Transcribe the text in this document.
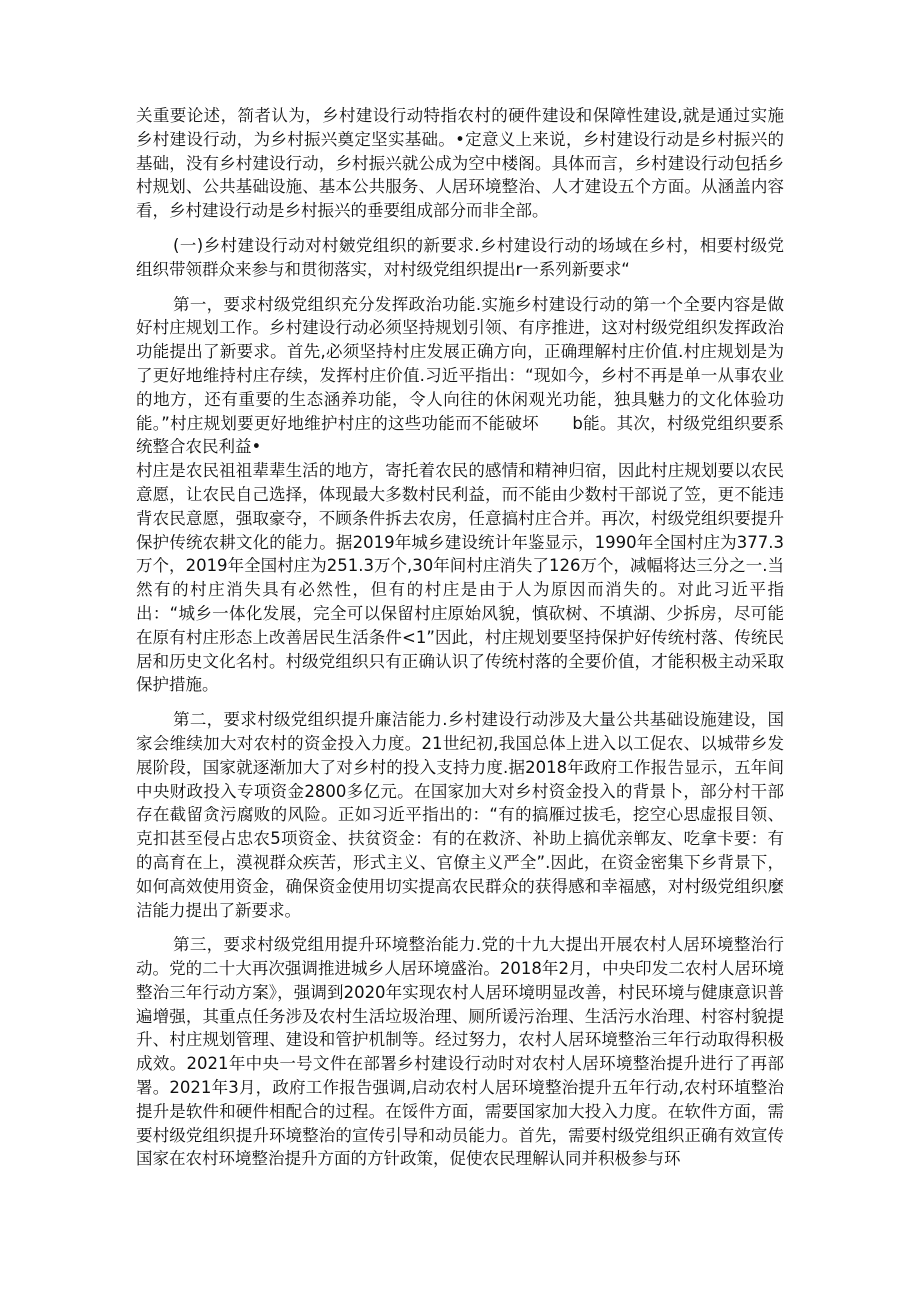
关重要论述，箚者认为，乡村建设行动特指农村的硬件建设和保障性建设,就是通过实施乡村建设行动，为乡村振兴奠定坚实基础。•定意义上来说，乡村建设行动是乡村振兴的基础，没有乡村建设行动，乡村振兴就公成为空中楼阁。具体而言，乡村建设行动包括乡村规划、公共基础设施、基本公共服务、人居环境整治、人才建设五个方面。从涵盖内容看，乡村建设行动是乡村振兴的垂要组成部分而非全部。

(一)乡村建设行动对村皴党组织的新要求.乡村建设行动的场域在乡村，相要村级党组织带领群众来参与和贯彻落实，对村级党组织提出r一系列新要求“

第一，要求村级党组织充分发挥政治功能.实施乡村建设行动的第一个全要内容是做好村庄规划工作。乡村建设行动必须坚持规划引领、有序推进，这对村级党组织发挥政治功能提出了新要求。首先,必须坚持村庄发展正确方向，正确理解村庄价值.村庄规划是为了更好地维持村庄存续，发挥村庄价值.习近平指出：“现如今，乡村不再是单一从事农业的地方，还有重要的生态涵养功能，令人向往的休闲观光功能，独具魅力的文化体验功能。”村庄规划要更好地维护村庄的这些功能而不能破坏　　b能。其次，村级党组织要系统整合农民利益•

村庄是农民祖祖辈辈生活的地方，寄托着农民的感情和精神归宿，因此村庄规划要以农民意愿，让农民自己选择，体现最大多数村民利益，而不能由少数村干部说了笠，更不能违背农民意愿，强取豪夺，不顾条件拆去农房，任意搞村庄合并。再次，村级党组织要提升保护传统农耕文化的能力。据2019年城乡建设统计年鉴显示，1990年全国村庄为377.3万个，2019年全国村庄为251.3万个,30年间村庄消失了126万个，减幅将达三分之一.当然有的村庄消失具有必然性，但有的村庄是由于人为原因而消失的。对此习近平指出：“城乡一体化发展，完全可以保留村庄原始风貌，慎砍树、不填湖、少拆房，尽可能在原有村庄形态上改善居民生活条件<1”因此，村庄规划要坚持保护好传统村落、传统民居和历史文化名村。村级党组织只有正确认识了传统村落的全要价值，才能积极主动采取保护措施。

第二，要求村级党组织提升廉洁能力.乡村建设行动涉及大量公共基础设施建设，国家会维续加大对农村的资金投入力度。21世纪初,我国总体上进入以工促农、以城带乡发展阶段，国家就逐渐加大了对乡村的投入支持力度.据2018年政府工作报告显示，五年间中央财政投入专项资金2800多亿元。在国家加大对乡村资金投入的背景卜，部分村干部存在截留贪污腐败的风险。正如习近平指出的：“有的搞雁过拔毛，挖空心思虚报目领、克扣甚至侵占忠农5项资金、扶贫资金：有的在救济、补助上搞优亲郸友、吃拿卡要：有的高育在上，漠视群众疾苦，形式主义、官僚主义严全”.因此，在资金密集下乡背景下，如何高效使用资金，确保资金使用切实提高农民群众的获得感和幸福感，对村级党组织麼洁能力提出了新要求。

第三，要求村级党组用提升环境整治能力.党的十九大提出开展农村人居环境整治行动。党的二十大再次强调推进城乡人居环境盛治。2018年2月，中央印发二农村人居环境整治三年行动方案》，强调到2020年实现农村人居环境明显改善，村民环境与健康意识普遍增强，其重点任务涉及农村生活垃圾治理、厕所谖污治理、生活污水治理、村容村貌提升、村庄规划管理、建设和管护机制等。经过努力，农村人居环境整治三年行动取得积极成效。2021年中央一号文件在部署乡村建设行动时对农村人居环境整治提升进行了再部署。2021年3月，政府工作报告强调,启动农村人居环境整治提升五年行动,农村环埴整治提升是软件和硬件相配合的过程。在馁件方面，需要国家加大投入力度。在软件方面，需要村级党组织提升环境整治的宣传引导和动员能力。首先，需要村级党组织正确有效宣传国家在农村环境整治提升方面的方针政策，促使农民理解认同并积极参与环
